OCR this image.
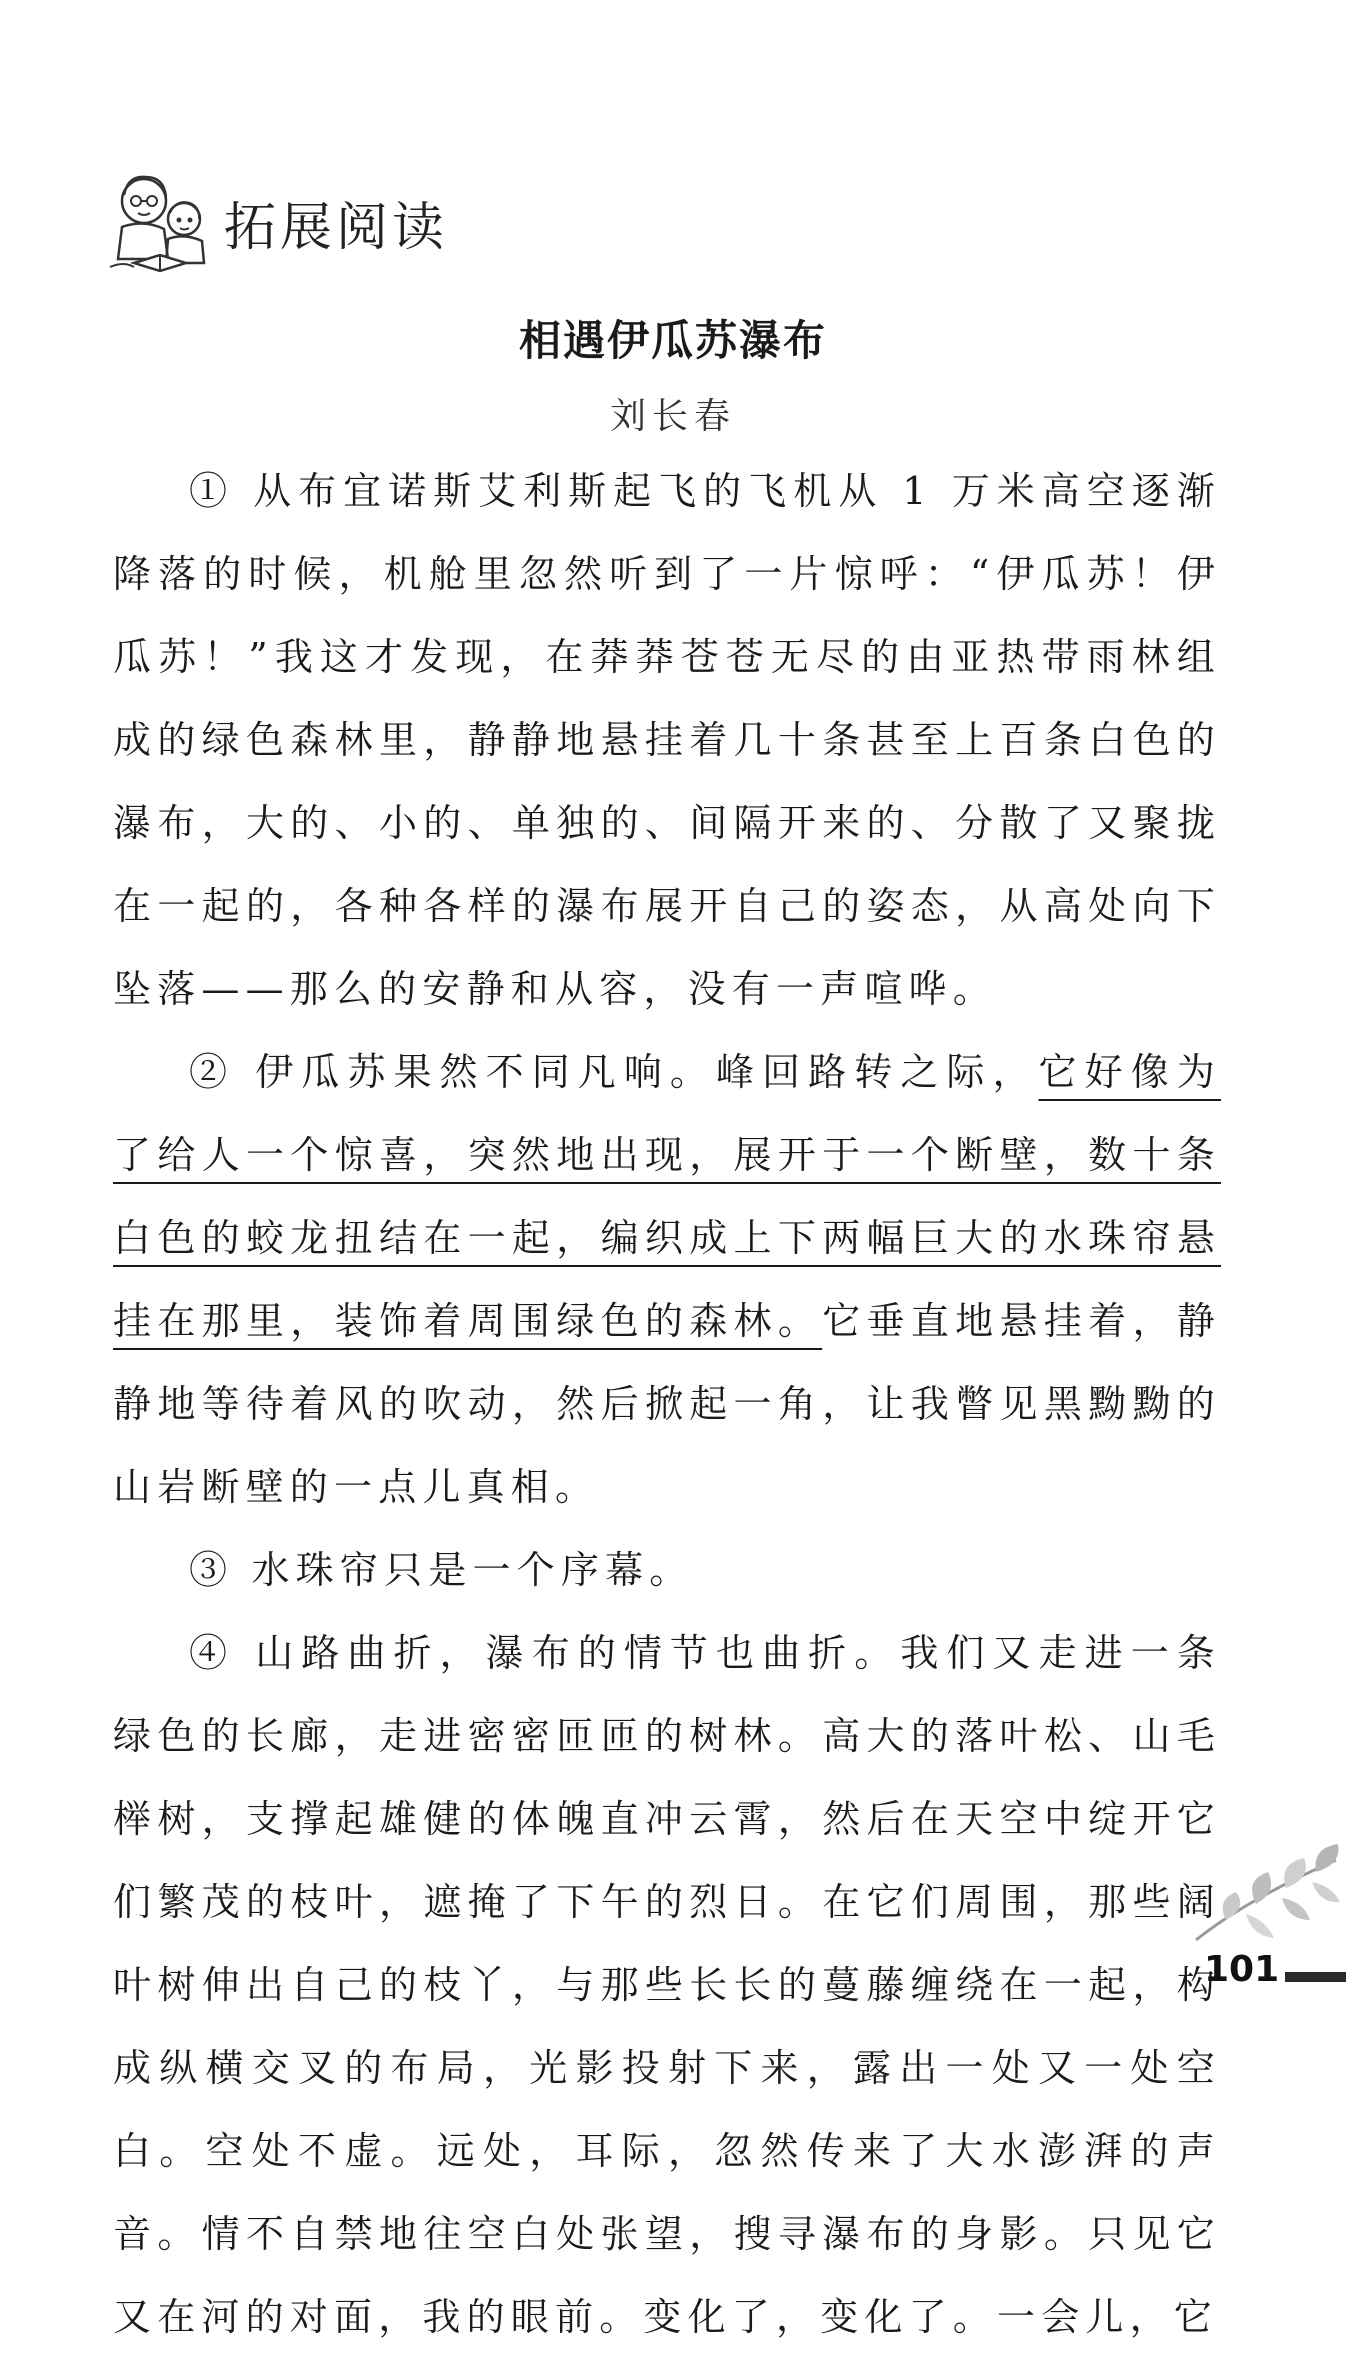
拓展阅读
相遇伊瓜苏瀑布
刘长春

① 从布宜诺斯艾利斯起飞的飞机从 1 万米高空逐渐降落的时候，机舱里忽然听到了一片惊呼：“伊瓜苏！伊瓜苏！”我这才发现，在莽莽苍苍无尽的由亚热带雨林组成的绿色森林里，静静地悬挂着几十条甚至上百条白色的瀑布，大的、小的、单独的、间隔开来的、分散了又聚拢在一起的，各种各样的瀑布展开自己的姿态，从高处向下坠落——那么的安静和从容，没有一声喧哗。

② 伊瓜苏果然不同凡响。峰回路转之际，它好像为了给人一个惊喜，突然地出现，展开于一个断壁，数十条白色的蛟龙扭结在一起，编织成上下两幅巨大的水珠帘悬挂在那里，装饰着周围绿色的森林。它垂直地悬挂着，静静地等待着风的吹动，然后掀起一角，让我瞥见黑黝黝的山岩断壁的一点儿真相。

③ 水珠帘只是一个序幕。

④ 山路曲折，瀑布的情节也曲折。我们又走进一条绿色的长廊，走进密密匝匝的树林。高大的落叶松、山毛榉树，支撑起雄健的体魄直冲云霄，然后在天空中绽开它们繁茂的枝叶，遮掩了下午的烈日。在它们周围，那些阔叶树伸出自己的枝丫，与那些长长的蔓藤缠绕在一起，构成纵横交叉的布局，光影投射下来，露出一处又一处空白。空处不虚。远处，耳际，忽然传来了大水澎湃的声音。情不自禁地往空白处张望，搜寻瀑布的身影。只见它又在河的对面，我的眼前。变化了，变化了。一会儿，它

101
